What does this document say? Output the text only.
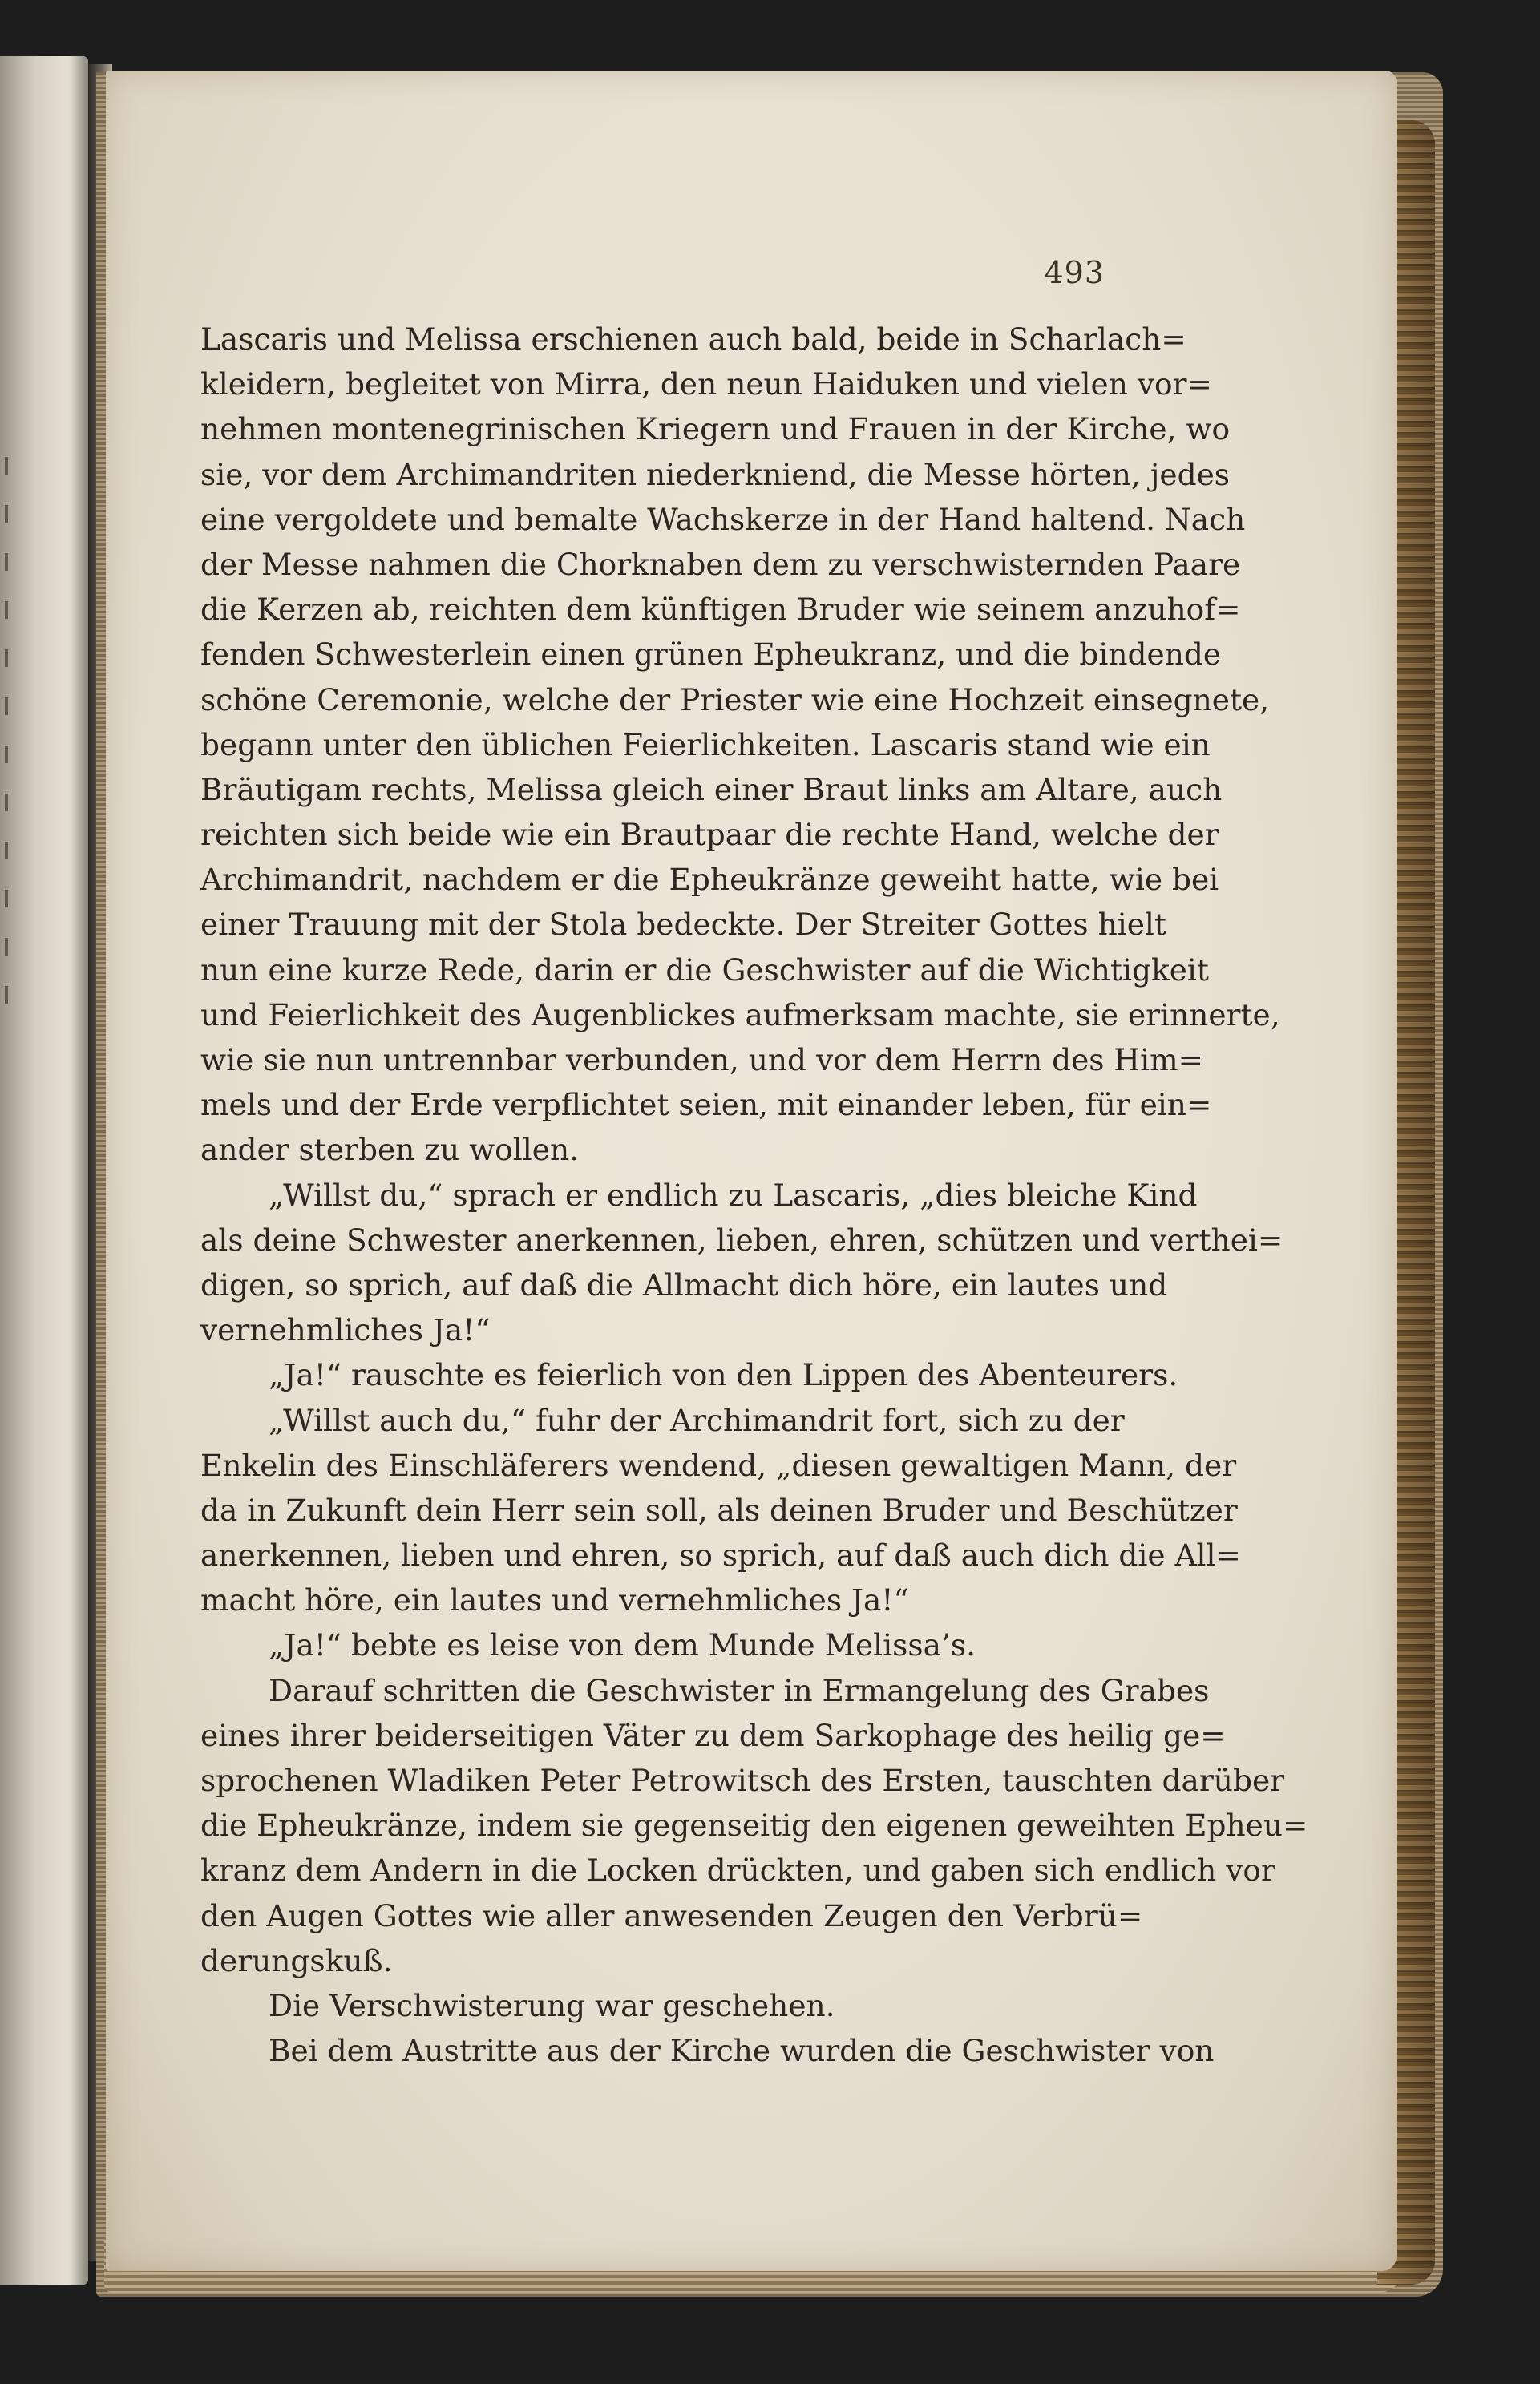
493
Lascaris und Melissa erschienen auch bald, beide in Scharlach=
kleidern, begleitet von Mirra, den neun Haiduken und vielen vor=
nehmen montenegrinischen Kriegern und Frauen in der Kirche, wo
sie, vor dem Archimandriten niederkniend, die Messe hörten, jedes
eine vergoldete und bemalte Wachskerze in der Hand haltend. Nach
der Messe nahmen die Chorknaben dem zu verschwisternden Paare
die Kerzen ab, reichten dem künftigen Bruder wie seinem anzuhof=
fenden Schwesterlein einen grünen Epheukranz, und die bindende
schöne Ceremonie, welche der Priester wie eine Hochzeit einsegnete,
begann unter den üblichen Feierlichkeiten. Lascaris stand wie ein
Bräutigam rechts, Melissa gleich einer Braut links am Altare, auch
reichten sich beide wie ein Brautpaar die rechte Hand, welche der
Archimandrit, nachdem er die Epheukränze geweiht hatte, wie bei
einer Trauung mit der Stola bedeckte. Der Streiter Gottes hielt
nun eine kurze Rede, darin er die Geschwister auf die Wichtigkeit
und Feierlichkeit des Augenblickes aufmerksam machte, sie erinnerte,
wie sie nun untrennbar verbunden, und vor dem Herrn des Him=
mels und der Erde verpflichtet seien, mit einander leben, für ein=
ander sterben zu wollen.
„Willst du,“ sprach er endlich zu Lascaris, „dies bleiche Kind
als deine Schwester anerkennen, lieben, ehren, schützen und verthei=
digen, so sprich, auf daß die Allmacht dich höre, ein lautes und
vernehmliches Ja!“
„Ja!“ rauschte es feierlich von den Lippen des Abenteurers.
„Willst auch du,“ fuhr der Archimandrit fort, sich zu der
Enkelin des Einschläferers wendend, „diesen gewaltigen Mann, der
da in Zukunft dein Herr sein soll, als deinen Bruder und Beschützer
anerkennen, lieben und ehren, so sprich, auf daß auch dich die All=
macht höre, ein lautes und vernehmliches Ja!“
„Ja!“ bebte es leise von dem Munde Melissa’s.
Darauf schritten die Geschwister in Ermangelung des Grabes
eines ihrer beiderseitigen Väter zu dem Sarkophage des heilig ge=
sprochenen Wladiken Peter Petrowitsch des Ersten, tauschten darüber
die Epheukränze, indem sie gegenseitig den eigenen geweihten Epheu=
kranz dem Andern in die Locken drückten, und gaben sich endlich vor
den Augen Gottes wie aller anwesenden Zeugen den Verbrü=
derungskuß.
Die Verschwisterung war geschehen.
Bei dem Austritte aus der Kirche wurden die Geschwister von
